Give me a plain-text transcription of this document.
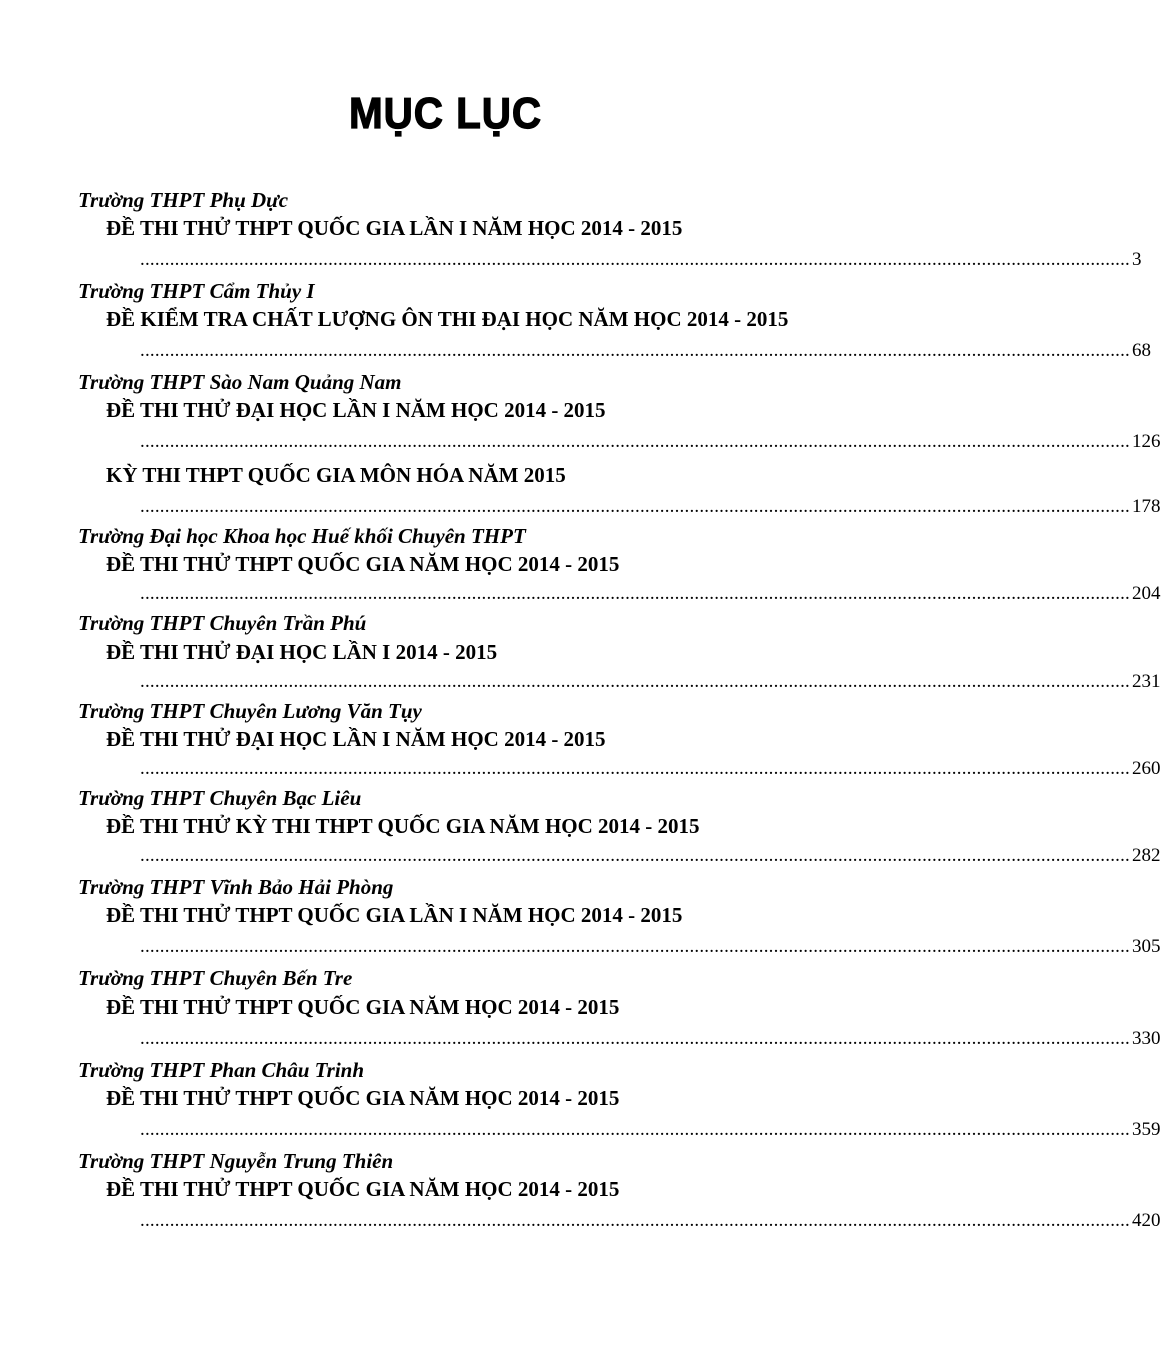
MỤC LỤC
Trường THPT Phụ Dực
ĐỀ THI THỬ THPT QUỐC GIA LẦN I NĂM HỌC 2014 - 2015
........................................................................................................................................................................................................ 3
Trường THPT Cẩm Thủy I
ĐỀ KIỂM TRA CHẤT LƯỢNG ÔN THI ĐẠI HỌC NĂM HỌC 2014 - 2015
........................................................................................................................................................................................................ 68
Trường THPT Sào Nam Quảng Nam
ĐỀ THI THỬ ĐẠI HỌC LẦN I NĂM HỌC 2014 - 2015
........................................................................................................................................................................................................ 126
KỲ THI THPT QUỐC GIA MÔN HÓA NĂM 2015
........................................................................................................................................................................................................ 178
Trường Đại học Khoa học Huế khối Chuyên THPT
ĐỀ THI THỬ THPT QUỐC GIA NĂM HỌC 2014 - 2015
........................................................................................................................................................................................................ 204
Trường THPT Chuyên Trần Phú
ĐỀ THI THỬ ĐẠI HỌC LẦN I 2014 - 2015
........................................................................................................................................................................................................ 231
Trường THPT Chuyên Lương Văn Tụy
ĐỀ THI THỬ ĐẠI HỌC LẦN I NĂM HỌC 2014 - 2015
........................................................................................................................................................................................................ 260
Trường THPT Chuyên Bạc Liêu
ĐỀ THI THỬ KỲ THI THPT QUỐC GIA NĂM HỌC 2014 - 2015
........................................................................................................................................................................................................ 282
Trường THPT Vĩnh Bảo Hải Phòng
ĐỀ THI THỬ THPT QUỐC GIA LẦN I NĂM HỌC 2014 - 2015
........................................................................................................................................................................................................ 305
Trường THPT Chuyên Bến Tre
ĐỀ THI THỬ THPT QUỐC GIA NĂM HỌC 2014 - 2015
........................................................................................................................................................................................................ 330
Trường THPT Phan Châu Trinh
ĐỀ THI THỬ THPT QUỐC GIA NĂM HỌC 2014 - 2015
........................................................................................................................................................................................................ 359
Trường THPT Nguyễn Trung Thiên
ĐỀ THI THỬ THPT QUỐC GIA NĂM HỌC 2014 - 2015
........................................................................................................................................................................................................ 420
